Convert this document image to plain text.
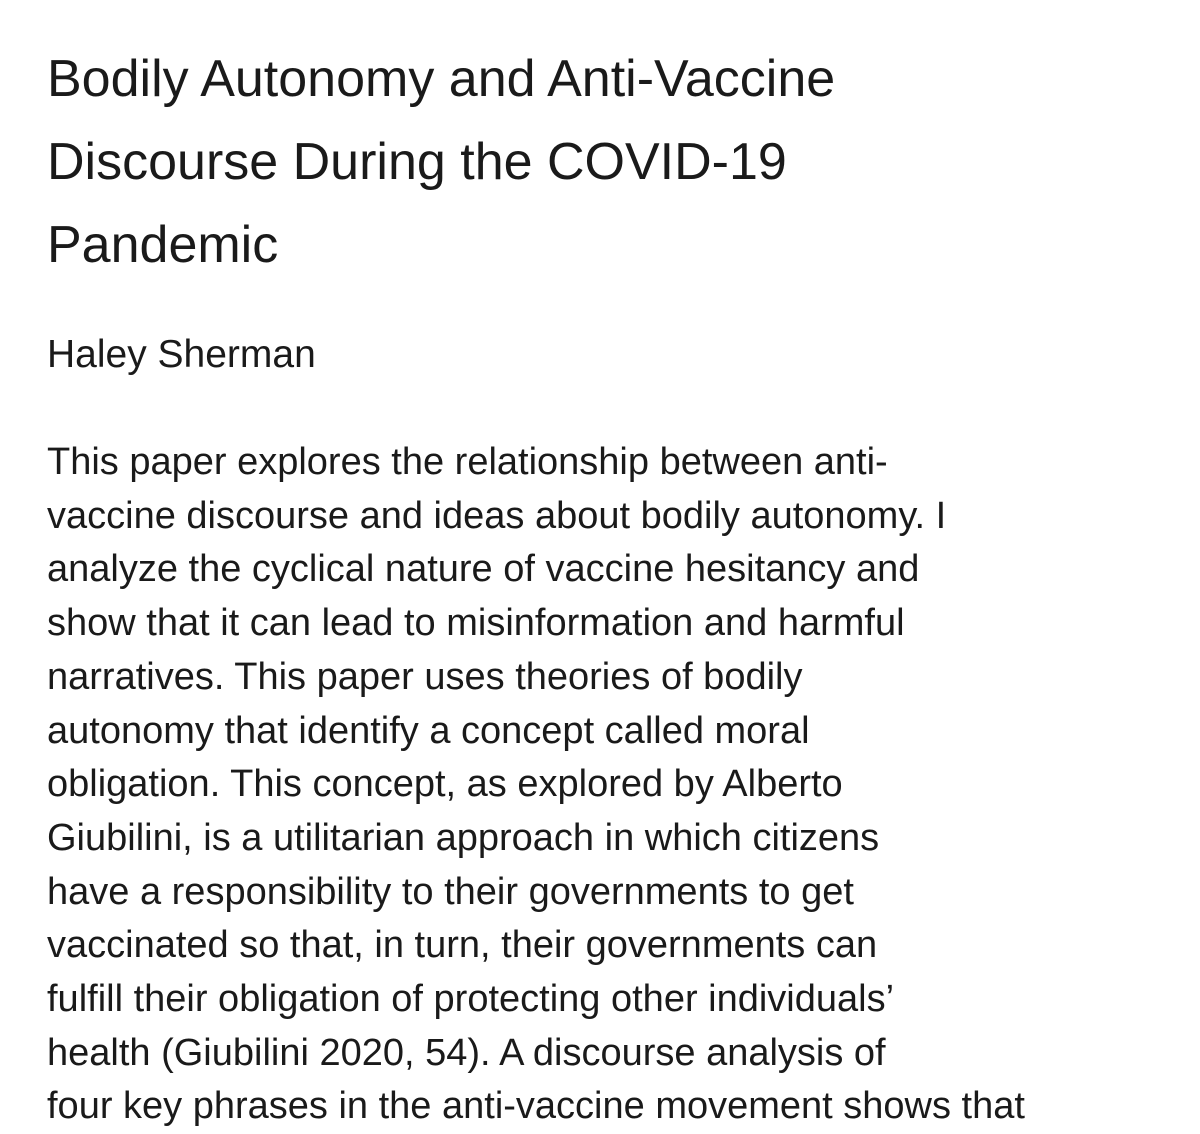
Bodily Autonomy and Anti-Vaccine
Discourse During the COVID-19
Pandemic

Haley Sherman

This paper explores the relationship between anti-
vaccine discourse and ideas about bodily autonomy. I
analyze the cyclical nature of vaccine hesitancy and
show that it can lead to misinformation and harmful
narratives. This paper uses theories of bodily
autonomy that identify a concept called moral
obligation. This concept, as explored by Alberto
Giubilini, is a utilitarian approach in which citizens
have a responsibility to their governments to get
vaccinated so that, in turn, their governments can
fulfill their obligation of protecting other individuals’
health (Giubilini 2020, 54). A discourse analysis of
four key phrases in the anti-vaccine movement shows that
